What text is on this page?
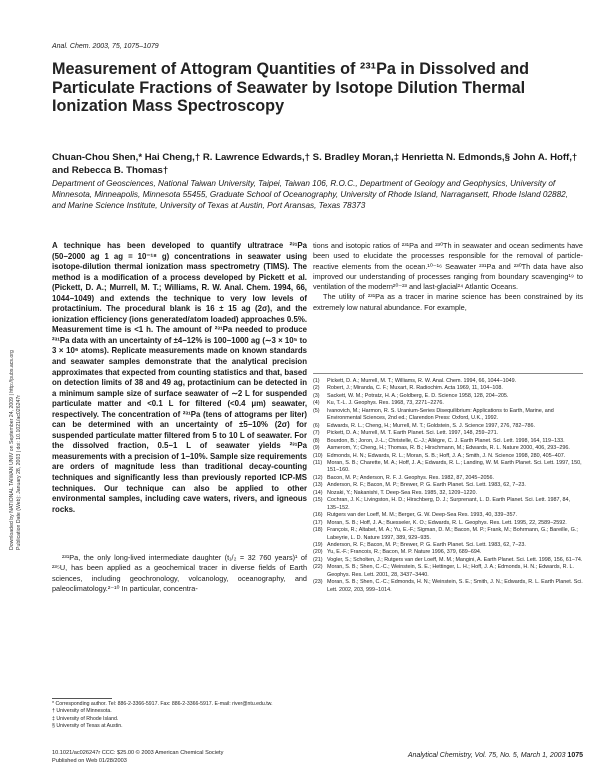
Anal. Chem. 2003, 75, 1075–1079
Measurement of Attogram Quantities of ²³¹Pa in Dissolved and Particulate Fractions of Seawater by Isotope Dilution Thermal Ionization Mass Spectroscopy
Chuan-Chou Shen,* Hai Cheng,† R. Lawrence Edwards,† S. Bradley Moran,‡ Henrietta N. Edmonds,§ John A. Hoff,† and Rebecca B. Thomas†
Department of Geosciences, National Taiwan University, Taipei, Taiwan 106, R.O.C., Department of Geology and Geophysics, University of Minnesota, Minneapolis, Minnesota 55455, Graduate School of Oceanography, University of Rhode Island, Narragansett, Rhode Island 02882, and Marine Science Institute, University of Texas at Austin, Port Aransas, Texas 78373
Downloaded by NATIONAL TAIWAN UNIV on September 24, 2009 | http://pubs.acs.org Publication Date (Web): January 28, 2003 | doi: 10.1021/ac026247r
A technique has been developed to quantify ultratrace ²³¹Pa (50−2000 ag 1 ag = 10⁻¹⁸ g) concentrations in seawater using isotope-dilution thermal ionization mass spectrometry (TIMS). The method is a modification of a process developed by Pickett et al. (Pickett, D. A.; Murrell, M. T.; Williams, R. W. Anal. Chem. 1994, 66, 1044−1049) and extends the technique to very low levels of protactinium. The procedural blank is 16 ± 15 ag (2σ), and the ionization efficiency (ions generated/atom loaded) approaches 0.5%. Measurement time is <1 h. The amount of ²³¹Pa needed to produce ²³¹Pa data with an uncertainty of ±4−12% is 100−1000 ag (∼3 × 10⁵ to 3 × 10⁶ atoms). Replicate measurements made on known standards and seawater samples demonstrate that the analytical precision approximates that expected from counting statistics and that, based on detection limits of 38 and 49 ag, protactinium can be detected in a minimum sample size of surface seawater of ∼2 L for suspended particulate matter and <0.1 L for filtered (<0.4 μm) seawater, respectively. The concentration of ²³¹Pa (tens of attograms per liter) can be determined with an uncertainty of ±5−10% (2σ) for suspended particulate matter filtered from 5 to 10 L of seawater. For the dissolved fraction, 0.5−1 L of seawater yields ²³¹Pa measurements with a precision of 1−10%. Sample size requirements are orders of magnitude less than traditional decay-counting techniques and significantly less than previously reported ICP-MS techniques. Our technique can also be applied to other environmental samples, including cave waters, rivers, and igneous rocks.

²³¹Pa, the only long-lived intermediate daughter (t₁/₂ = 32 760 years)¹ of ²³⁵U, has been applied as a geochemical tracer in diverse fields of Earth sciences, including geochronology, volcanology, oceanography, and paleoclimatology.²⁻¹⁰ In particular, concentra-

* Corresponding author. Tel: 886-2-3366-5917. Fax: 886-2-3366-5917. E-mail: river@ntu.edu.tw.
† University of Minnesota.
‡ University of Rhode Island.
§ University of Texas at Austin.

tions and isotopic ratios of ²³¹Pa and ²³⁰Th in seawater and ocean sediments have been used to elucidate the processes responsible for the removal of particle-reactive elements from the ocean.¹⁰⁻¹⁶ Seawater ²³¹Pa and ²³⁰Th data have also improved our understanding of processes ranging from boundary scavenging¹⁹ to ventilation of the modern²⁰⁻²³ and last-glacial²⁴ Atlantic Oceans.

The utility of ²³¹Pa as a tracer in marine science has been constrained by its extremely low natural abundance. For example,

(1)	Pickett, D. A.; Murrell, M. T.; Williams, R. W. Anal. Chem. 1994, 66, 1044−1049.
(2)	Robert, J.; Miranda, C. F.; Muxart, R. Radiochim. Acta 1969, 11, 104−108.
(3)	Sackett, W. M.; Potratz, H. A.; Goldberg, E. D. Science 1958, 128, 204−205.
(4)	Ku, T.-L. J. Geophys. Res. 1968, 73, 2271−2276.
(5)	Ivanovich, M.; Harmon, R. S. Uranium-Series Disequilibrium: Applications to Earth, Marine, and Environmental Sciences, 2nd ed.; Clarendon Press: Oxford, U.K., 1992.
(6)	Edwards, R. L.; Cheng, H.; Murrell, M. T.; Goldstein, S. J. Science 1997, 276, 782−786.
(7)	Pickett, D. A.; Murrell, M. T. Earth Planet. Sci. Lett. 1997, 148, 259−271.
(8)	Bourdon, B.; Joron, J.-L.; Christelle, C.-J.; Allègre, C. J. Earth Planet. Sci. Lett. 1998, 164, 119−133.
(9)	Asmerom, Y.; Cheng, H.; Thomas, R. B.; Hirschmann, M.; Edwards, R. L. Nature 2000, 406, 293−296.
(10) Edmonds, H. N.; Edwards, R. L.; Moran, S. B.; Hoff, J. A.; Smith, J. N. Science 1998, 280, 405−407.
(11) Moran, S. B.; Charette, M. A.; Hoff, J. A.; Edwards, R. L.; Landing, W. M. Earth Planet. Sci. Lett. 1997, 150, 151−160.
(12) Bacon, M. P.; Anderson, R. F. J. Geophys. Res. 1982, 87, 2045−2056.
(13) Anderson, R. F.; Bacon, M. P.; Brewer, P. G. Earth Planet. Sci. Lett. 1983, 62, 7−23.
(14) Nozaki, Y.; Nakanishi, T. Deep-Sea Res. 1985, 32, 1209−1220.
(15) Cochran, J. K.; Livingston, H. D.; Hirschberg, D. J.; Surprenant, L. D. Earth Planet. Sci. Lett. 1987, 84, 135−152.
(16) Rutgers van der Loeff, M. M.; Berger, G. W. Deep-Sea Res. 1993, 40, 339−357.
(17) Moran, S. B.; Hoff, J. A.; Buesseler, K. O.; Edwards, R. L. Geophys. Res. Lett. 1995, 22, 2589−2592.
(18) François, R.; Altabet, M. A.; Yu, E.-F.; Sigman, D. M.; Bacon, M. P.; Frank, M.; Bohrmann, G.; Bareille, G.; Labeyrie, L. D. Nature 1997, 389, 929−935.
(19) Anderson, R. F.; Bacon, M. P.; Brewer, P. G. Earth Planet. Sci. Lett. 1983, 62, 7−23.
(20) Yu, E.-F.; Francois, R.; Bacon, M. P. Nature 1996, 379, 689−694.
(21) Vogler, S.; Scholten, J.; Rutgers van der Loeff, M. M.; Mangini, A. Earth Planet. Sci. Lett. 1998, 156, 61−74.
(22) Moran, S. B.; Shen, C.-C.; Weinstein, S. E.; Hettinger, L. H.; Hoff, J. A.; Edmonds, H. N.; Edwards, R. L. Geophys. Res. Lett. 2001, 28, 3437−3440.
(23) Moran, S. B.; Shen, C.-C.; Edmonds, H. N.; Weinstein, S. E.; Smith, J. N.; Edwards, R. L. Earth Planet. Sci. Lett. 2002, 203, 999−1014.
10.1021/ac026247r CCC: $25.00 © 2003 American Chemical Society
Published on Web 01/28/2003
Analytical Chemistry, Vol. 75, No. 5, March 1, 2003 1075
